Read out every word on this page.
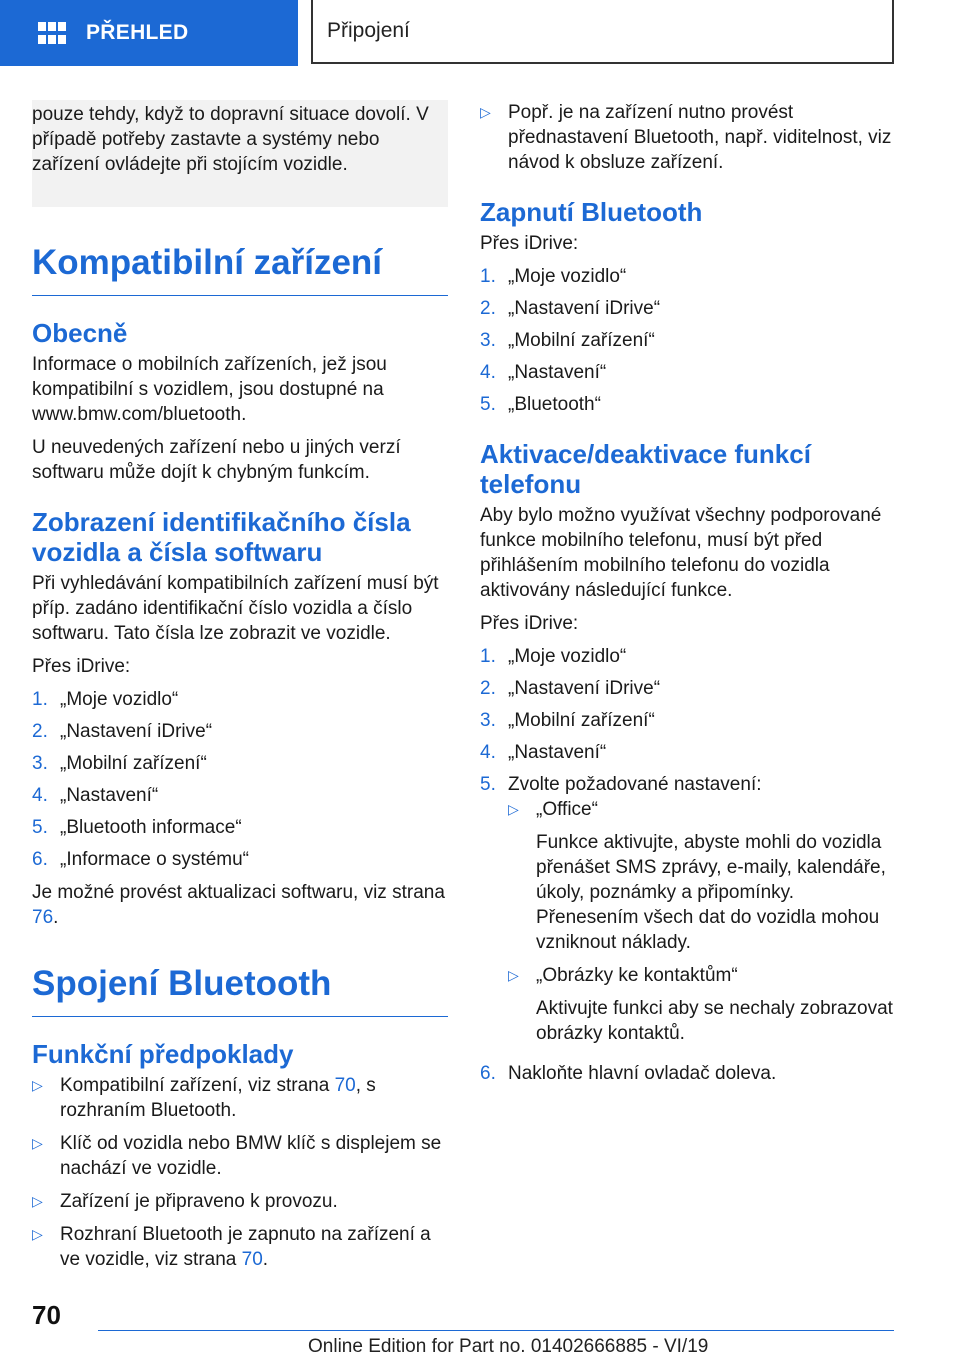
PŘEHLED	Připojení

pouze tehdy, když to dopravní situace dovolí. V případě potřeby zastavte a systémy nebo zařízení ovládejte při stojícím vozidle.

Kompatibilní zařízení
Obecně

Informace o mobilních zařízeních, jež jsou kompatibilní s vozidlem, jsou dostupné na www.bmw.com/bluetooth.

U neuvedených zařízení nebo u jiných verzí softwaru může dojít k chybným funkcím.

Zobrazení identifikačního čísla vozidla a čísla softwaru

Při vyhledávání kompatibilních zařízení musí být příp. zadáno identifikační číslo vozidla a číslo softwaru. Tato čísla lze zobrazit ve vozidle.

Přes iDrive:

1. „Moje vozidlo“
2. „Nastavení iDrive“
3. „Mobilní zařízení“
4. „Nastavení“
5. „Bluetooth informace“
6. „Informace o systému“

Je možné provést aktualizaci softwaru, viz strana 76.

Spojení Bluetooth
Funkční předpoklady
▷ Kompatibilní zařízení, viz strana 70, s rozhraním Bluetooth.
▷ Klíč od vozidla nebo BMW klíč s displejem se nachází ve vozidle.
▷ Zařízení je připraveno k provozu.
▷ Rozhraní Bluetooth je zapnuto na zařízení a ve vozidle, viz strana 70.
▷ Popř. je na zařízení nutno provést přednastavení Bluetooth, např. viditelnost, viz návod k obsluze zařízení.
Zapnutí Bluetooth

Přes iDrive:

1. „Moje vozidlo“
2. „Nastavení iDrive“
3. „Mobilní zařízení“
4. „Nastavení“
5. „Bluetooth“
Aktivace/deaktivace funkcí telefonu

Aby bylo možno využívat všechny podporované funkce mobilního telefonu, musí být před přihlášením mobilního telefonu do vozidla aktivovány následující funkce.

Přes iDrive:

1. „Moje vozidlo“
2. „Nastavení iDrive“
3. „Mobilní zařízení“
4. „Nastavení“
5. Zvolte požadované nastavení:
▷ „Office“

Funkce aktivujte, abyste mohli do vozidla přenášet SMS zprávy, e-maily, kalendáře, úkoly, poznámky a připomínky. Přenesením všech dat do vozidla mohou vzniknout náklady.
▷ „Obrázky ke kontaktům“

Aktivujte funkci aby se nechaly zobrazovat obrázky kontaktů.
6. Nakloňte hlavní ovladač doleva.
70
Online Edition for Part no. 01402666885 - VI/19
